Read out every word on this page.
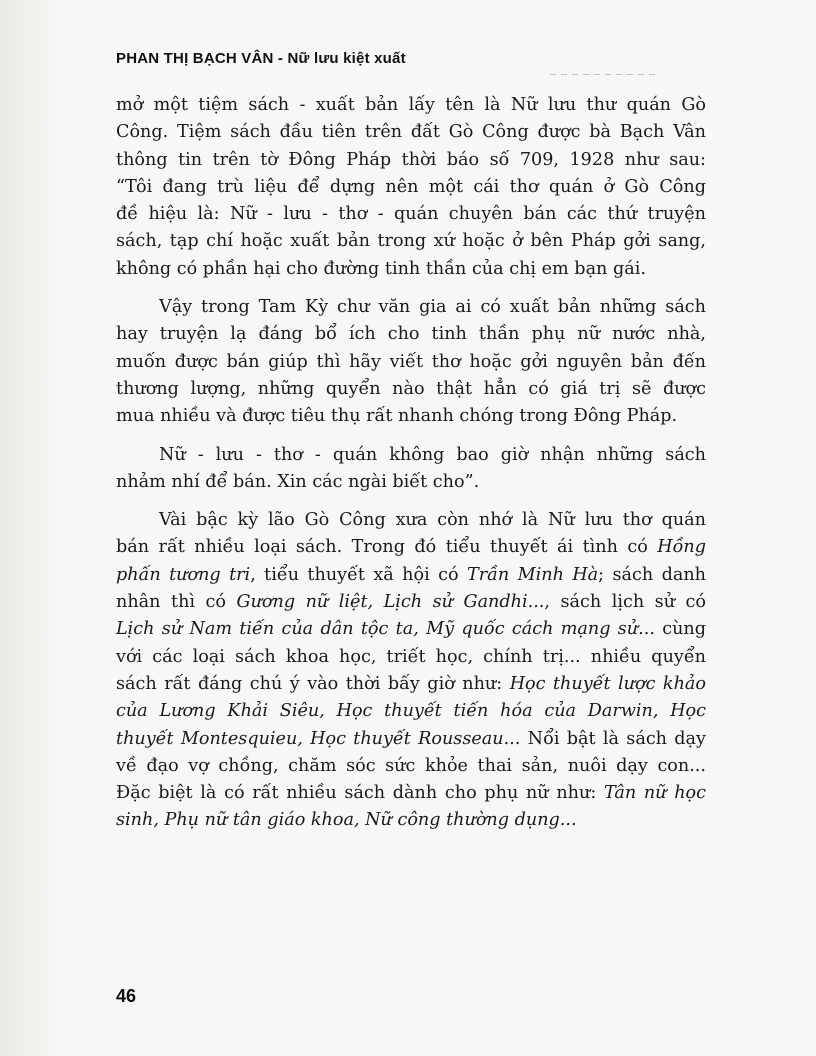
PHAN THỊ BẠCH VÂN - Nữ lưu kiệt xuất
mở một tiệm sách - xuất bản lấy tên là Nữ lưu thư quán Gò
Công. Tiệm sách đầu tiên trên đất Gò Công được bà Bạch Vân
thông tin trên tờ Đông Pháp thời báo số 709, 1928 như sau:
“Tôi đang trù liệu để dựng nên một cái thơ quán ở Gò Công
đề hiệu là: Nữ - lưu - thơ - quán chuyên bán các thứ truyện
sách, tạp chí hoặc xuất bản trong xứ hoặc ở bên Pháp gởi sang,
không có phần hại cho đường tinh thần của chị em bạn gái.
Vậy trong Tam Kỳ chư văn gia ai có xuất bản những sách
hay truyện lạ đáng bổ ích cho tinh thần phụ nữ nước nhà,
muốn được bán giúp thì hãy viết thơ hoặc gởi nguyên bản đến
thương lượng, những quyển nào thật hẳn có giá trị sẽ được
mua nhiều và được tiêu thụ rất nhanh chóng trong Đông Pháp.
Nữ - lưu - thơ - quán không bao giờ nhận những sách
nhảm nhí để bán. Xin các ngài biết cho”.
Vài bậc kỳ lão Gò Công xưa còn nhớ là Nữ lưu thơ quán
bán rất nhiều loại sách. Trong đó tiểu thuyết ái tình có Hồng
phấn tương tri, tiểu thuyết xã hội có Trần Minh Hà; sách danh
nhân thì có Gương nữ liệt, Lịch sử Gandhi..., sách lịch sử có
Lịch sử Nam tiến của dân tộc ta, Mỹ quốc cách mạng sử... cùng
với các loại sách khoa học, triết học, chính trị... nhiều quyển
sách rất đáng chú ý vào thời bấy giờ như: Học thuyết lược khảo
của Lương Khải Siêu, Học thuyết tiến hóa của Darwin, Học
thuyết Montesquieu, Học thuyết Rousseau... Nổi bật là sách dạy
về đạo vợ chồng, chăm sóc sức khỏe thai sản, nuôi dạy con...
Đặc biệt là có rất nhiều sách dành cho phụ nữ như: Tân nữ học
sinh, Phụ nữ tân giáo khoa, Nữ công thường dụng...
46
